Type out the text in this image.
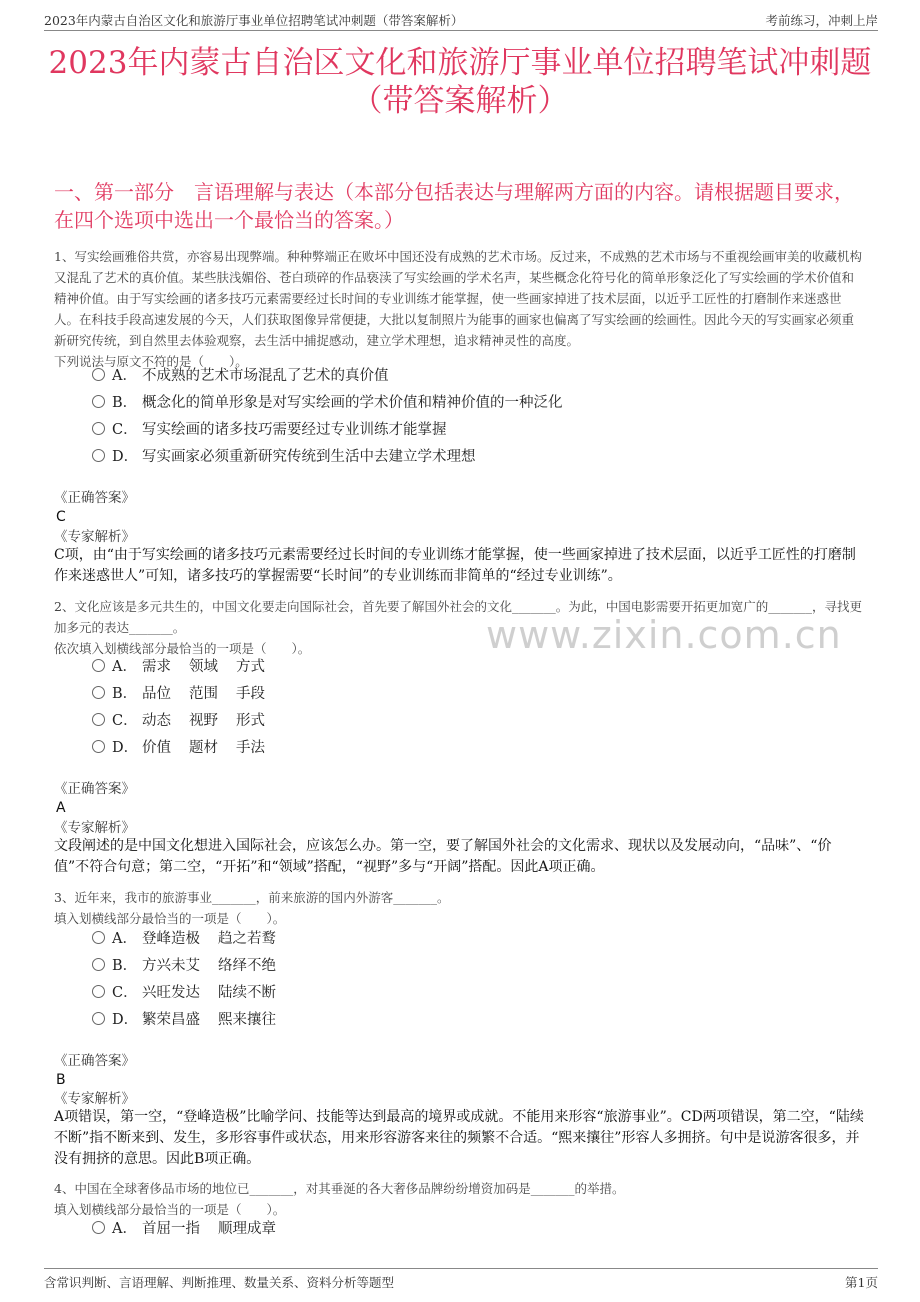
2023年内蒙古自治区文化和旅游厅事业单位招聘笔试冲刺题（带答案解析）	考前练习，冲刺上岸
2023年内蒙古自治区文化和旅游厅事业单位招聘笔试冲刺题
（带答案解析）
一、第一部分　言语理解与表达（本部分包括表达与理解两方面的内容。请根据题目要求，在四个选项中选出一个最恰当的答案。）
www.zixin.com.cn
1、写实绘画雅俗共赏，亦容易出现弊端。种种弊端正在败坏中国还没有成熟的艺术市场。反过来，不成熟的艺术市场与不重视绘画审美的收藏机构又混乱了艺术的真价值。某些肤浅媚俗、苍白琐碎的作品亵渎了写实绘画的学术名声，某些概念化符号化的简单形象泛化了写实绘画的学术价值和精神价值。由于写实绘画的诸多技巧元素需要经过长时间的专业训练才能掌握，使一些画家掉进了技术层面，以近乎工匠性的打磨制作来迷惑世人。在科技手段高速发展的今天，人们获取图像异常便捷，大批以复制照片为能事的画家也偏离了写实绘画的绘画性。因此今天的写实画家必须重新研究传统，到自然里去体验观察，去生活中捕捉感动，建立学术理想，追求精神灵性的高度。
下列说法与原文不符的是（　　）。
A． 不成熟的艺术市场混乱了艺术的真价值
B． 概念化的简单形象是对写实绘画的学术价值和精神价值的一种泛化
C． 写实绘画的诸多技巧需要经过专业训练才能掌握
D． 写实画家必须重新研究传统到生活中去建立学术理想
《正确答案》
C
《专家解析》
C项，由“由于写实绘画的诸多技巧元素需要经过长时间的专业训练才能掌握，使一些画家掉进了技术层面，以近乎工匠性的打磨制作来迷惑世人”可知，诸多技巧的掌握需要“长时间”的专业训练而非简单的“经过专业训练”。
2、文化应该是多元共生的，中国文化要走向国际社会，首先要了解国外社会的文化_______。为此，中国电影需要开拓更加宽广的_______，寻找更加多元的表达_______。
依次填入划横线部分最恰当的一项是（　　）。
A． 需求 领域 方式
B． 品位 范围 手段
C． 动态 视野 形式
D． 价值 题材 手法
《正确答案》
A
《专家解析》
文段阐述的是中国文化想进入国际社会，应该怎么办。第一空，要了解国外社会的文化需求、现状以及发展动向，“品味”、“价值”不符合句意；第二空，“开拓”和“领域”搭配，“视野”多与“开阔”搭配。因此A项正确。
3、近年来，我市的旅游事业_______，前来旅游的国内外游客_______。
填入划横线部分最恰当的一项是（　　）。
A． 登峰造极 趋之若鹜
B． 方兴未艾 络绎不绝
C． 兴旺发达 陆续不断
D． 繁荣昌盛 熙来攘往
《正确答案》
B
《专家解析》
A项错误，第一空，“登峰造极”比喻学问、技能等达到最高的境界或成就。不能用来形容“旅游事业”。CD两项错误，第二空，“陆续不断”指不断来到、发生，多形容事件或状态，用来形容游客来往的频繁不合适。“熙来攘往”形容人多拥挤。句中是说游客很多，并没有拥挤的意思。因此B项正确。
4、中国在全球奢侈品市场的地位已_______，对其垂涎的各大奢侈品牌纷纷增资加码是_______的举措。
填入划横线部分最恰当的一项是（　　）。
A． 首屈一指 顺理成章
含常识判断、言语理解、判断推理、数量关系、资料分析等题型	第1页
